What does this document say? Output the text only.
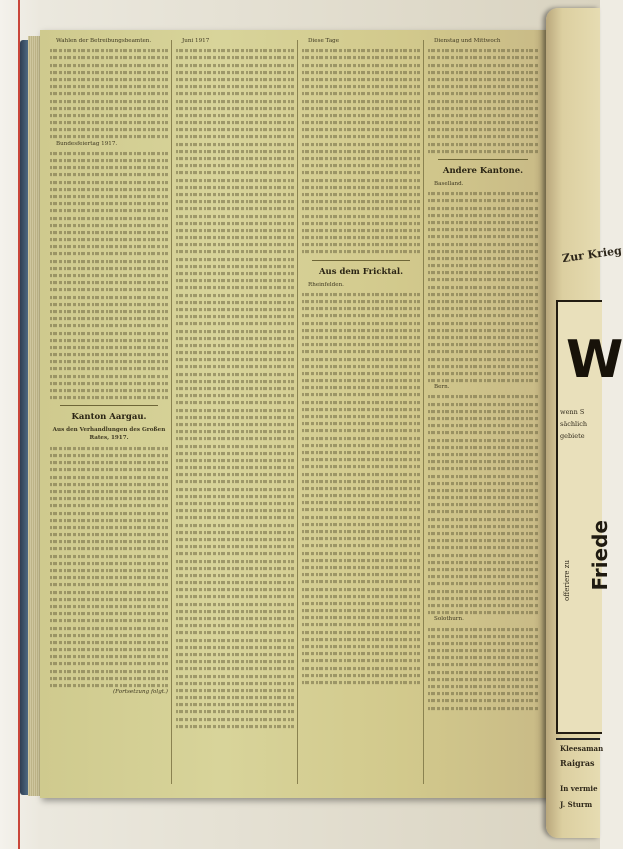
Wahlen der Betreibungsbeamten.

Bundesfeiertag 1917.

Kanton Aargau.

Aus den Verhandlungen des Großen Rates, 1917.

(Fortsetzung folgt.)

Juni 1917	Diese Tage

Aus dem Fricktal.

Rheinfelden.

Dienstag und Mittwoch

Andere Kantone.

Baselland.

Bern.

Solothurn.

Zur Krieg
W
wenn S
sächlich
gebiete
offeriere zu Friede
Kleesaman
Raigras
In vermie
J. Sturm
